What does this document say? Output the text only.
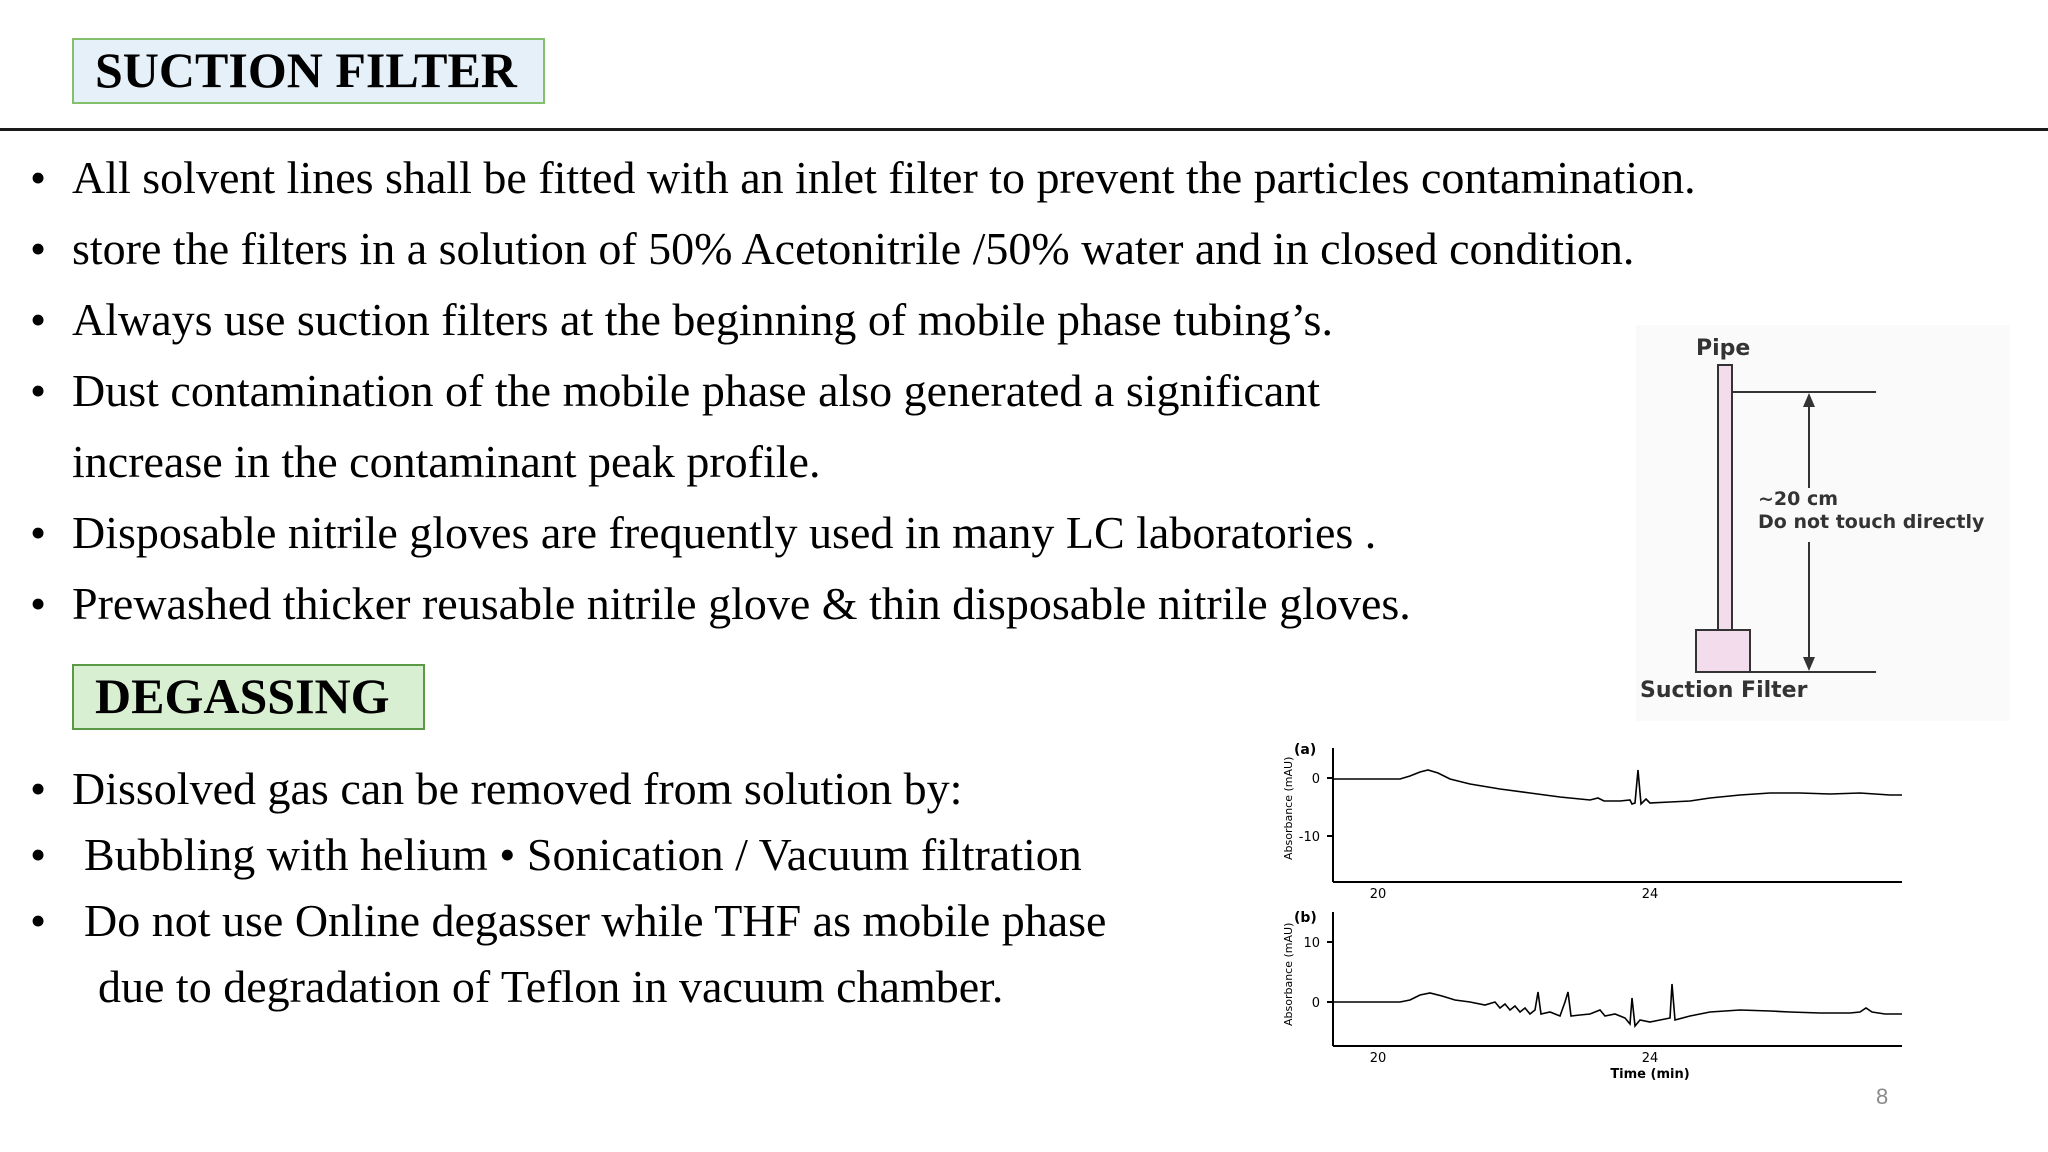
SUCTION FILTER
• All solvent lines shall be fitted with an inlet filter to prevent the particles contamination.
• store the filters in a solution of 50% Acetonitrile /50% water and in closed condition.
• Always use suction filters at the beginning of mobile phase tubing’s.
• Dust contamination of the mobile phase also generated a significant
increase in the contaminant peak profile.
• Disposable nitrile gloves are frequently used in many LC laboratories .
• Prewashed thicker reusable nitrile glove & thin disposable nitrile gloves.
DEGASSING
• Dissolved gas can be removed from solution by:
• Bubbling with helium • Sonication / Vacuum filtration
• Do not use Online degasser while THF as mobile phase
due to degradation of Teflon in vacuum chamber.
Pipe
~20 cm
Do not touch directly
Suction Filter
(a)
Absorbance (mAU) 0
-10
20	24
(b)
Absorbance (mAU) 10
0
20	24
Time (min)
8
